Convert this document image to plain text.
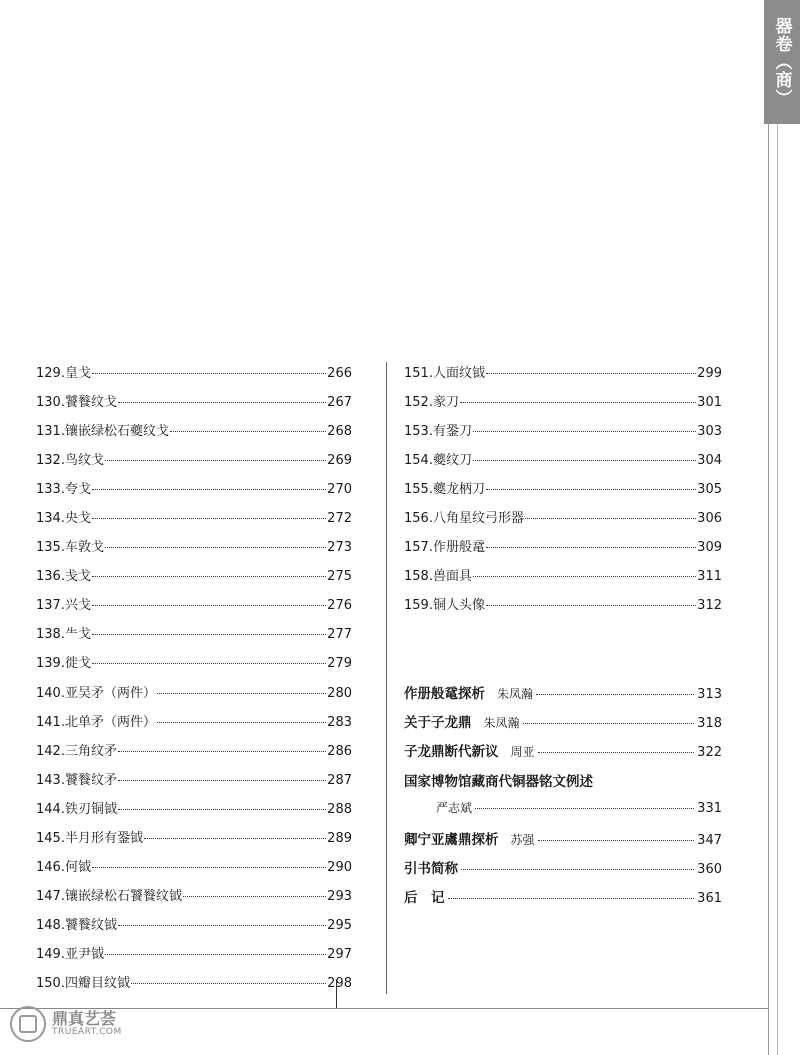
器卷（商）
129.皇戈	266
130.饕餮纹戈	267
131.镶嵌绿松石夔纹戈	268
132.鸟纹戈	269
133.夸戈	270
134.央戈	272
135.车敦戈	273
136.戋戈	275
137.兴戈	276
138.⺧戈	277
139.徙戈	279
140.亚吴矛（两件）	280
141.北单矛（两件）	283
142.三角纹矛	286
143.饕餮纹矛	287
144.铁刃铜钺	288
145.半月形有銎钺	289
146.何钺	290
147.镶嵌绿松石饕餮纹钺	293
148.饕餮纹钺	295
149.亚尹钺	297
150.四瓣目纹钺	298
151.人面纹钺	299
152.豙刀	301
153.有銎刀	303
154.夔纹刀	304
155.夔龙柄刀	305
156.八角星纹弓形器	306
157.作册般鼋	309
158.兽面具	311
159.铜人头像	312
作册般鼋探析 朱凤瀚	313
关于子龙鼎 朱凤瀚	318
子龙鼎断代新议 周亚	322
国家博物馆藏商代铜器铭文例述
严志斌	331
卿宁亚鬳鼎探析 苏强	347
引书简称	360
后　记	361
鼎真艺荟
TRUEART.COM
